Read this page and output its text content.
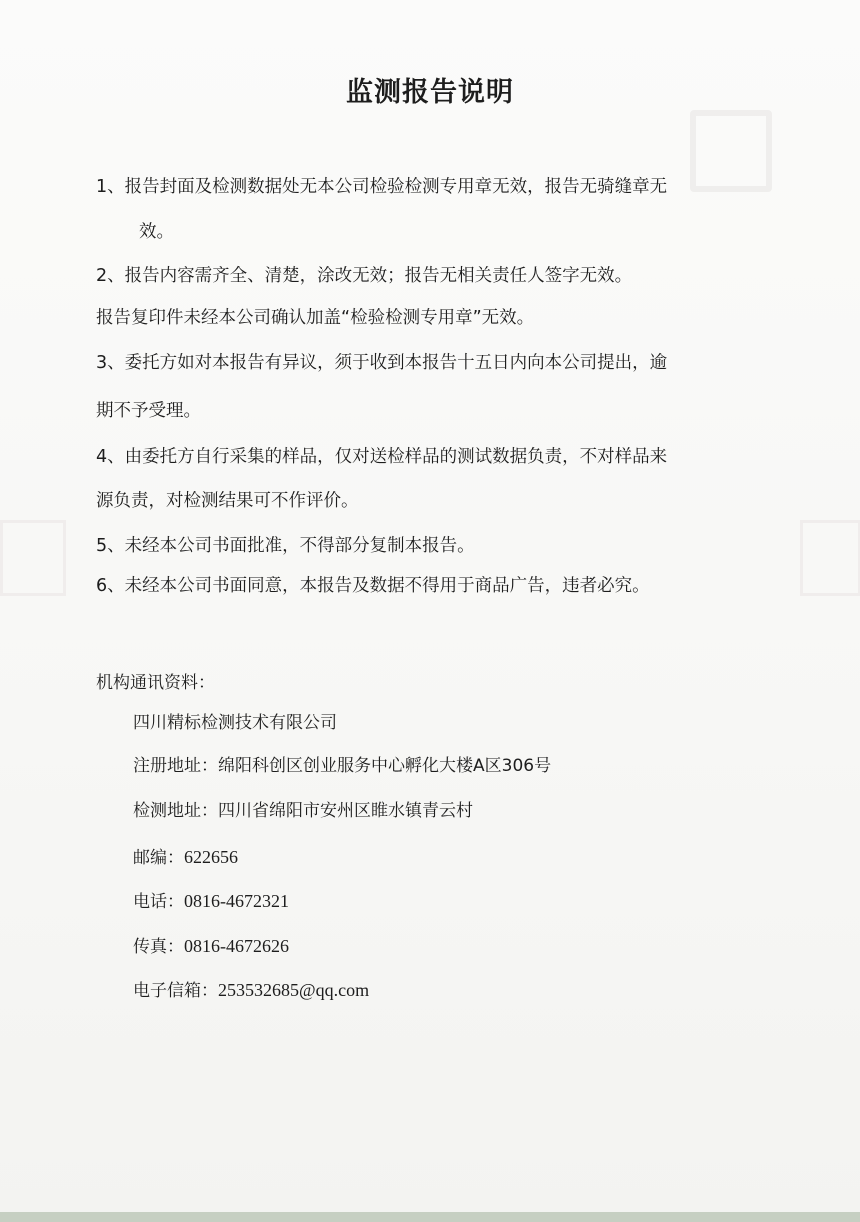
监测报告说明
1、报告封面及检测数据处无本公司检验检测专用章无效，报告无骑缝章无
效。
2、报告内容需齐全、清楚，涂改无效；报告无相关责任人签字无效。
报告复印件未经本公司确认加盖“检验检测专用章”无效。
3、委托方如对本报告有异议，须于收到本报告十五日内向本公司提出，逾
期不予受理。
4、由委托方自行采集的样品，仅对送检样品的测试数据负责，不对样品来
源负责，对检测结果可不作评价。
5、未经本公司书面批准，不得部分复制本报告。
6、未经本公司书面同意，本报告及数据不得用于商品广告，违者必究。
机构通讯资料：
四川精标检测技术有限公司
注册地址：绵阳科创区创业服务中心孵化大楼A区306号
检测地址：四川省绵阳市安州区睢水镇青云村
邮编：622656
电话：0816-4672321
传真：0816-4672626
电子信箱：253532685@qq.com
